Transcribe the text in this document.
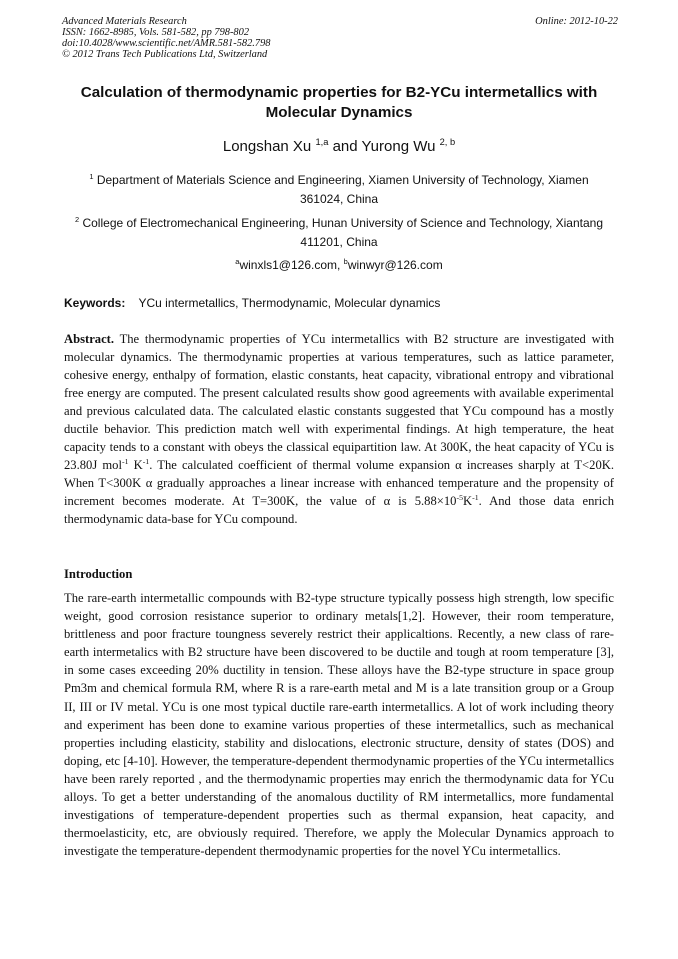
Advanced Materials Research
ISSN: 1662-8985, Vols. 581-582, pp 798-802
doi:10.4028/www.scientific.net/AMR.581-582.798
© 2012 Trans Tech Publications Ltd, Switzerland
Online: 2012-10-22
Calculation of thermodynamic properties for B2-YCu intermetallics with Molecular Dynamics
Longshan Xu $^{1,a}$ and Yurong Wu $^{2, b}$
$^1$ Department of Materials Science and Engineering, Xiamen University of Technology, Xiamen 361024, China
$^2$ College of Electromechanical Engineering, Hunan University of Science and Technology, Xiantang 411201, China
$^a$winxls1@126.com, $^b$winwyr@126.com
Keywords: YCu intermetallics, Thermodynamic, Molecular dynamics
Abstract. The thermodynamic properties of YCu intermetallics with B2 structure are investigated with molecular dynamics. The thermodynamic properties at various temperatures, such as lattice parameter, cohesive energy, enthalpy of formation, elastic constants, heat capacity, vibrational entropy and vibrational free energy are computed. The present calculated results show good agreements with available experimental and previous calculated data. The calculated elastic constants suggested that YCu compound has a mostly ductile behavior. This prediction match well with experimental findings. At high temperature, the heat capacity tends to a constant with obeys the classical equipartition law. At 300K, the heat capacity of YCu is 23.80J mol$^{-1}$ $K^{-1}$. The calculated coefficient of thermal volume expansion α increases sharply at T<20K. When T<300K α gradually approaches a linear increase with enhanced temperature and the propensity of increment becomes moderate. At T=300K, the value of α is $5.88\times 10^{-5}K^{-1}$. And those data enrich thermodynamic data-base for YCu compound.
Introduction
The rare-earth intermetallic compounds with B2-type structure typically possess high strength, low specific weight, good corrosion resistance superior to ordinary metals[1,2]. However, their room temperature, brittleness and poor fracture toungness severely restrict their applicaltions. Recently, a new class of rare-earth intermetalics with B2 structure have been discovered to be ductile and tough at room temperature [3], in some cases exceeding 20% ductility in tension. These alloys have the B2-type structure in space group Pm3m and chemical formula RM, where R is a rare-earth metal and M is a late transition group or a Group II, III or IV metal. YCu is one most typical ductile rare-earth intermetallics. A lot of work including theory and experiment has been done to examine various properties of these intermetallics, such as mechanical properties including elasticity, stability and dislocations, electronic structure, density of states (DOS) and doping, etc [4-10]. However, the temperature-dependent thermodynamic properties of the YCu intermetallics have been rarely reported , and the thermodynamic properties may enrich the thermodynamic data for YCu alloys. To get a better understanding of the anomalous ductility of RM intermetallics, more fundamental investigations of temperature-dependent properties such as thermal expansion, heat capacity, and thermoelasticity, etc, are obviously required. Therefore, we apply the Molecular Dynamics approach to investigate the temperature-dependent thermodynamic properties for the novel YCu intermetallics.
